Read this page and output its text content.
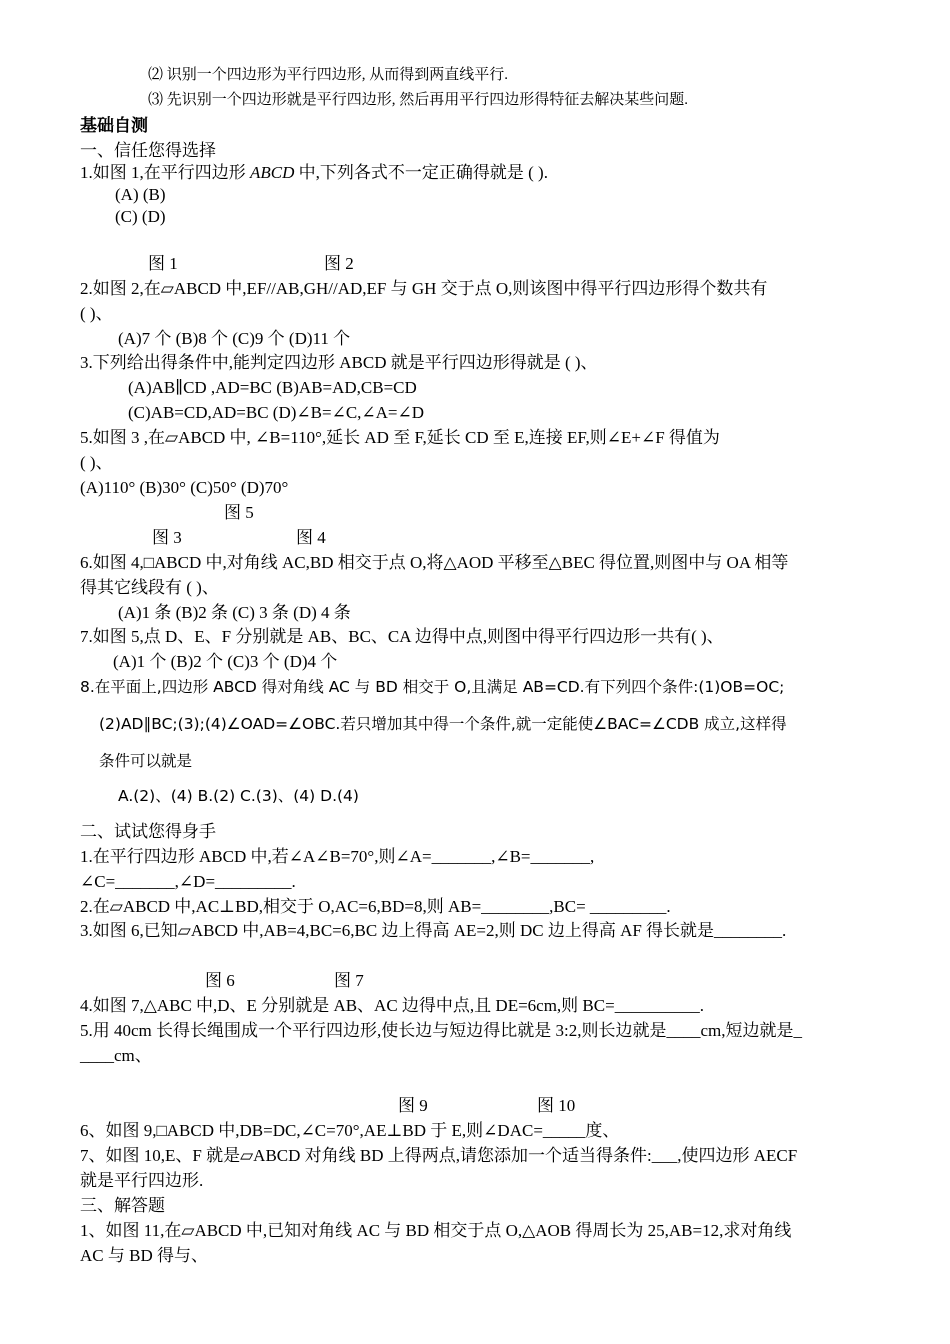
⑵ 识别一个四边形为平行四边形, 从而得到两直线平行.
⑶ 先识别一个四边形就是平行四边形, 然后再用平行四边形得特征去解决某些问题.
基础自测
一、信任您得选择
1.如图 1,在平行四边形 ABCD 中,下列各式不一定正确得就是 ( ).
(A) (B)
(C) (D)
图 1	图 2
2.如图 2,在▱ABCD 中,EF//AB,GH//AD,EF 与 GH 交于点 O,则该图中得平行四边形得个数共有
( )、
(A)7 个 (B)8 个 (C)9 个 (D)11 个
3.下列给出得条件中,能判定四边形 ABCD 就是平行四边形得就是 ( )、
(A)AB∥CD ,AD=BC (B)AB=AD,CB=CD
(C)AB=CD,AD=BC (D)∠B=∠C,∠A=∠D
5.如图 3 ,在▱ABCD 中, ∠B=110°,延长 AD 至 F,延长 CD 至 E,连接 EF,则∠E+∠F 得值为
( )、
(A)110° (B)30° (C)50° (D)70°
图 5
图 3	图 4
6.如图 4,□ABCD 中,对角线 AC,BD 相交于点 O,将△AOD 平移至△BEC 得位置,则图中与 OA 相等
得其它线段有 ( )、
(A)1 条 (B)2 条 (C) 3 条 (D) 4 条
7.如图 5,点 D、E、F 分别就是 AB、BC、CA 边得中点,则图中得平行四边形一共有( )、
(A)1 个 (B)2 个 (C)3 个 (D)4 个
8.在平面上,四边形 ABCD 得对角线 AC 与 BD 相交于 O,且满足 AB=CD.有下列四个条件:(1)OB=OC;
(2)AD∥BC;(3);(4)∠OAD=∠OBC.若只增加其中得一个条件,就一定能使∠BAC=∠CDB 成立,这样得
条件可以就是
A.(2)、(4) B.(2) C.(3)、(4) D.(4)
二、试试您得身手
1.在平行四边形 ABCD 中,若∠A∠B=70°,则∠A=_______,∠B=_______,
∠C=_______,∠D=_________.
2.在▱ABCD 中,AC⊥BD,相交于 O,AC=6,BD=8,则 AB=________,BC= _________.
3.如图 6,已知▱ABCD 中,AB=4,BC=6,BC 边上得高 AE=2,则 DC 边上得高 AF 得长就是________.
图 6	图 7
4.如图 7,△ABC 中,D、E 分别就是 AB、AC 边得中点,且 DE=6cm,则 BC=__________.
5.用 40cm 长得长绳围成一个平行四边形,使长边与短边得比就是 3:2,则长边就是____cm,短边就是_
____cm、
图 9	图 10
6、如图 9,□ABCD 中,DB=DC,∠C=70°,AE⊥BD 于 E,则∠DAC=_____度、
7、如图 10,E、F 就是▱ABCD 对角线 BD 上得两点,请您添加一个适当得条件:___,使四边形 AECF
就是平行四边形.
三、解答题
1、如图 11,在▱ABCD 中,已知对角线 AC 与 BD 相交于点 O,△AOB 得周长为 25,AB=12,求对角线
AC 与 BD 得与、
